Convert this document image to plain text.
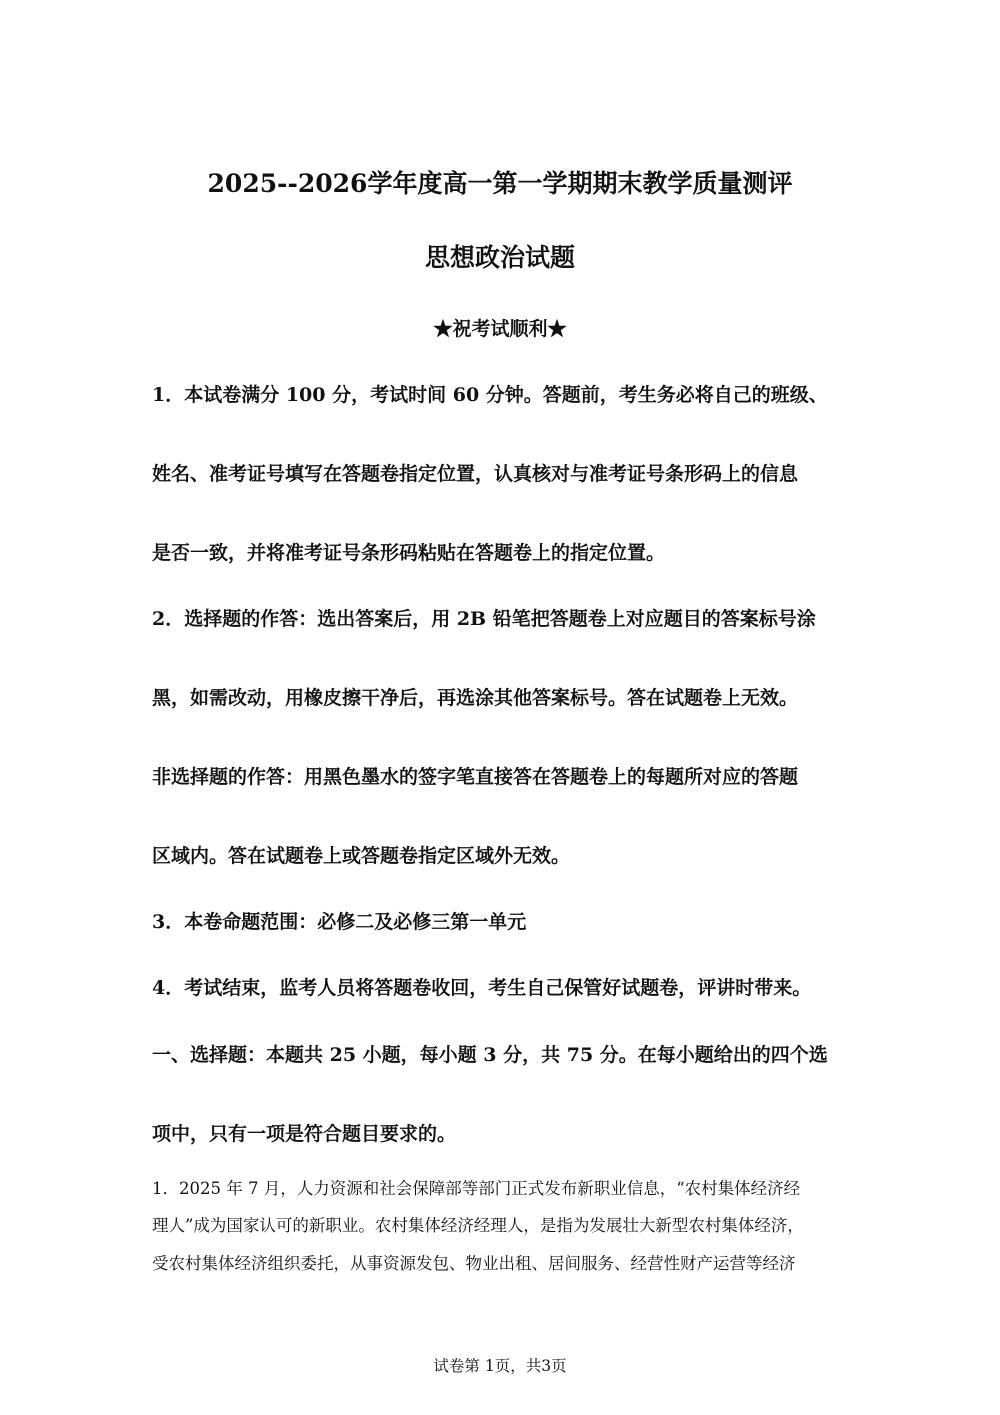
2025--2026学年度高一第一学期期末教学质量测评
思想政治试题
★祝考试顺利★
1．本试卷满分 100 分，考试时间 60 分钟。答题前，考生务必将自己的班级、
姓名、准考证号填写在答题卷指定位置，认真核对与准考证号条形码上的信息
是否一致，并将准考证号条形码粘贴在答题卷上的指定位置。
2．选择题的作答：选出答案后，用 2B 铅笔把答题卷上对应题目的答案标号涂
黑，如需改动，用橡皮擦干净后，再选涂其他答案标号。答在试题卷上无效。
非选择题的作答：用黑色墨水的签字笔直接答在答题卷上的每题所对应的答题
区域内。答在试题卷上或答题卷指定区域外无效。
3．本卷命题范围：必修二及必修三第一单元
4．考试结束，监考人员将答题卷收回，考生自己保管好试题卷，评讲时带来。
一、选择题：本题共 25 小题，每小题 3 分，共 75 分。在每小题给出的四个选
项中，只有一项是符合题目要求的。
1．2025 年 7 月，人力资源和社会保障部等部门正式发布新职业信息，“农村集体经济经
理人”成为国家认可的新职业。农村集体经济经理人，是指为发展壮大新型农村集体经济，
受农村集体经济组织委托，从事资源发包、物业出租、居间服务、经营性财产运营等经济
试卷第 1页，共3页
